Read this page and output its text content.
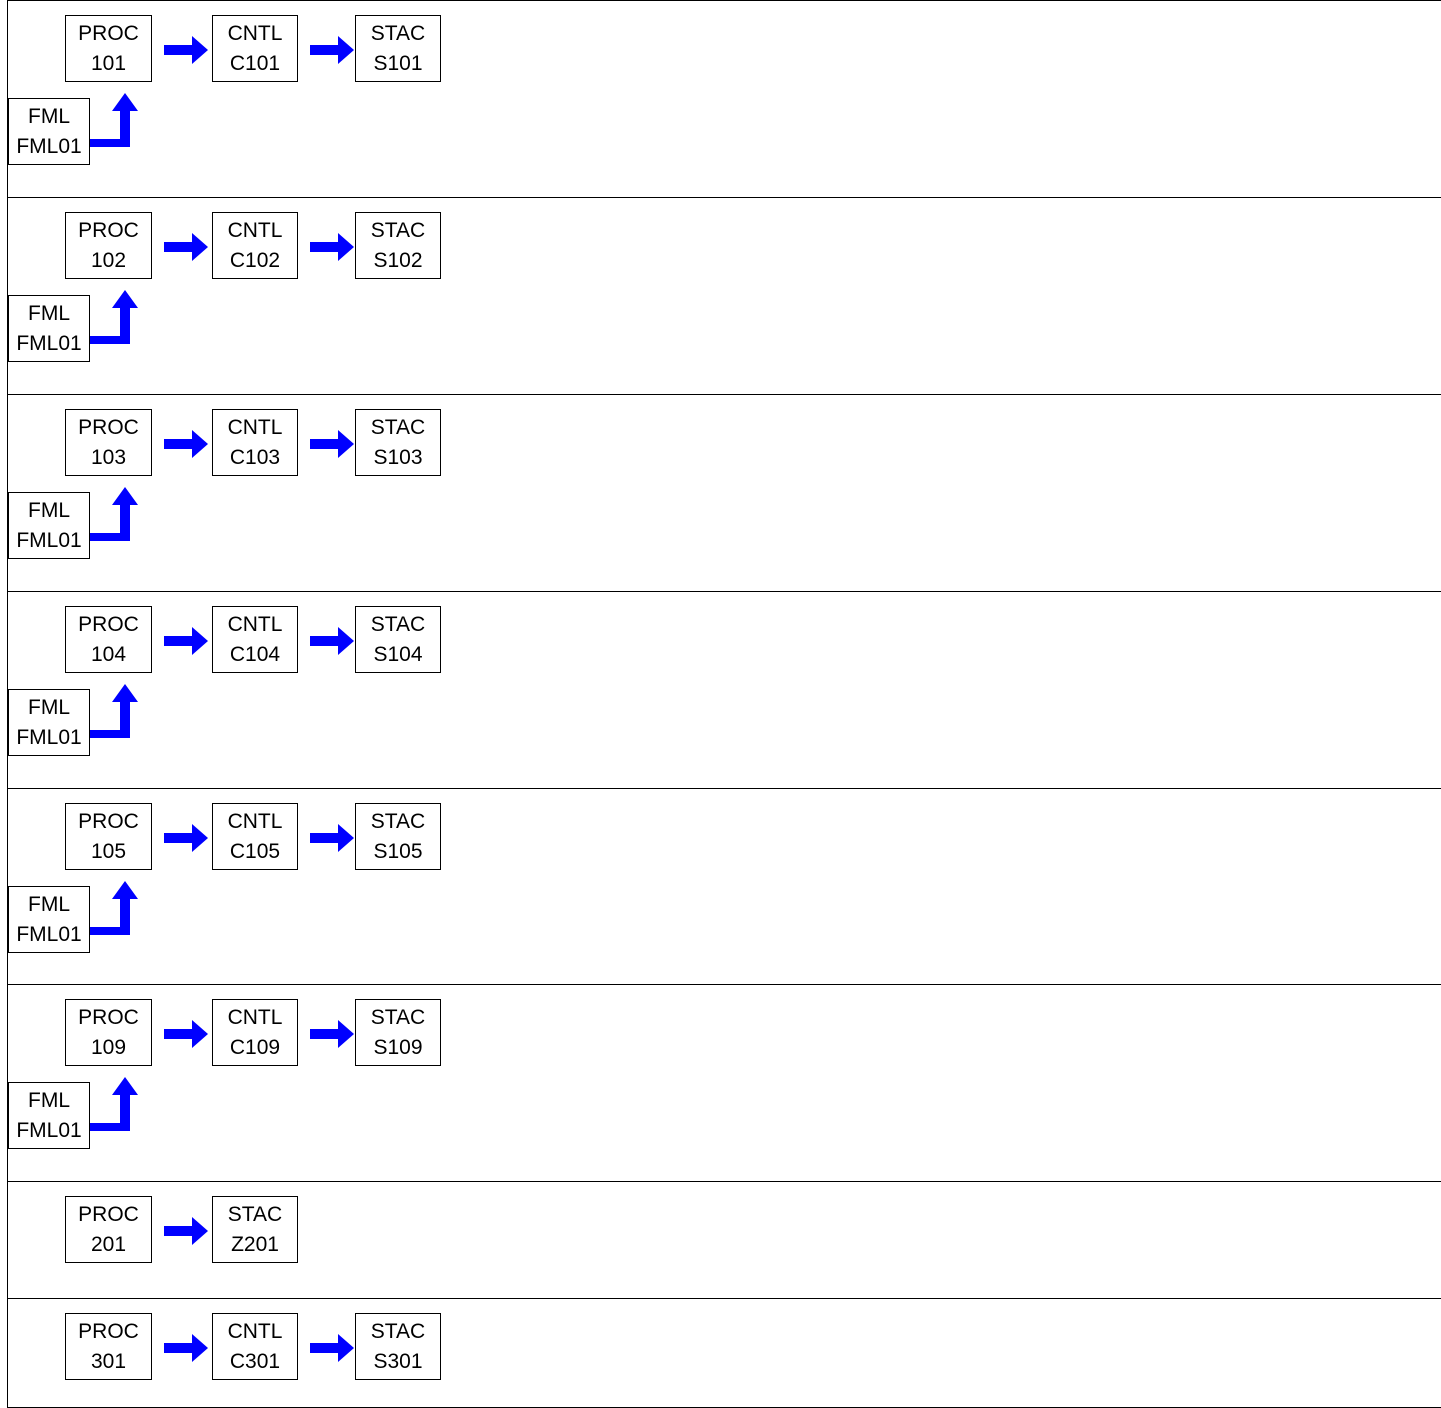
PROC
101
CNTL
C101
STAC
S101
FML
FML01
PROC
102
CNTL
C102
STAC
S102
FML
FML01
PROC
103
CNTL
C103
STAC
S103
FML
FML01
PROC
104
CNTL
C104
STAC
S104
FML
FML01
PROC
105
CNTL
C105
STAC
S105
FML
FML01
PROC
109
CNTL
C109
STAC
S109
FML
FML01
PROC
201
STAC
Z201
PROC
301
CNTL
C301
STAC
S301
